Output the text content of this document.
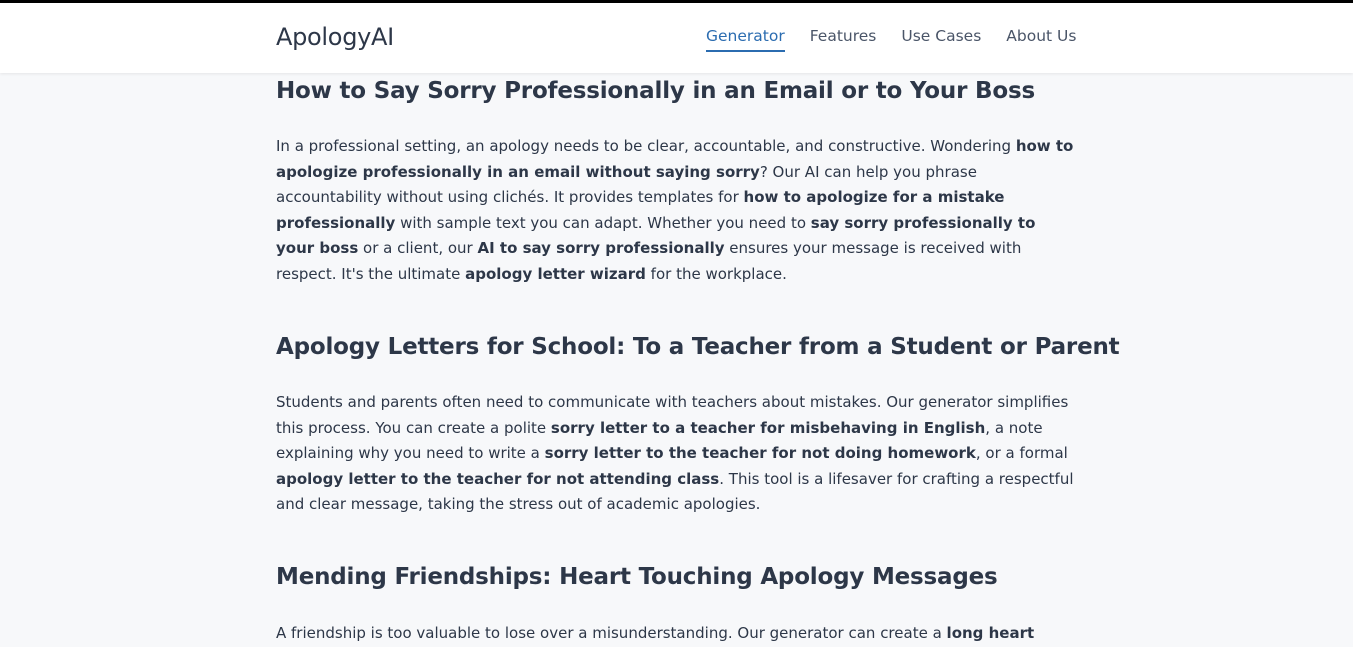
ApologyAI	Generator Features Use Cases About Us
How to Say Sorry Professionally in an Email or to Your Boss

In a professional setting, an apology needs to be clear, accountable, and constructive. Wondering how to apologize professionally in an email without saying sorry? Our AI can help you phrase accountability without using clichés. It provides templates for how to apologize for a mistake professionally with sample text you can adapt. Whether you need to say sorry professionally to your boss or a client, our AI to say sorry professionally ensures your message is received with respect. It's the ultimate apology letter wizard for the workplace.

Apology Letters for School: To a Teacher from a Student or Parent

Students and parents often need to communicate with teachers about mistakes. Our generator simplifies this process. You can create a polite sorry letter to a teacher for misbehaving in English, a note explaining why you need to write a sorry letter to the teacher for not doing homework, or a formal apology letter to the teacher for not attending class. This tool is a lifesaver for crafting a respectful and clear message, taking the stress out of academic apologies.

Mending Friendships: Heart Touching Apology Messages

A friendship is too valuable to lose over a misunderstanding. Our generator can create a long heart
